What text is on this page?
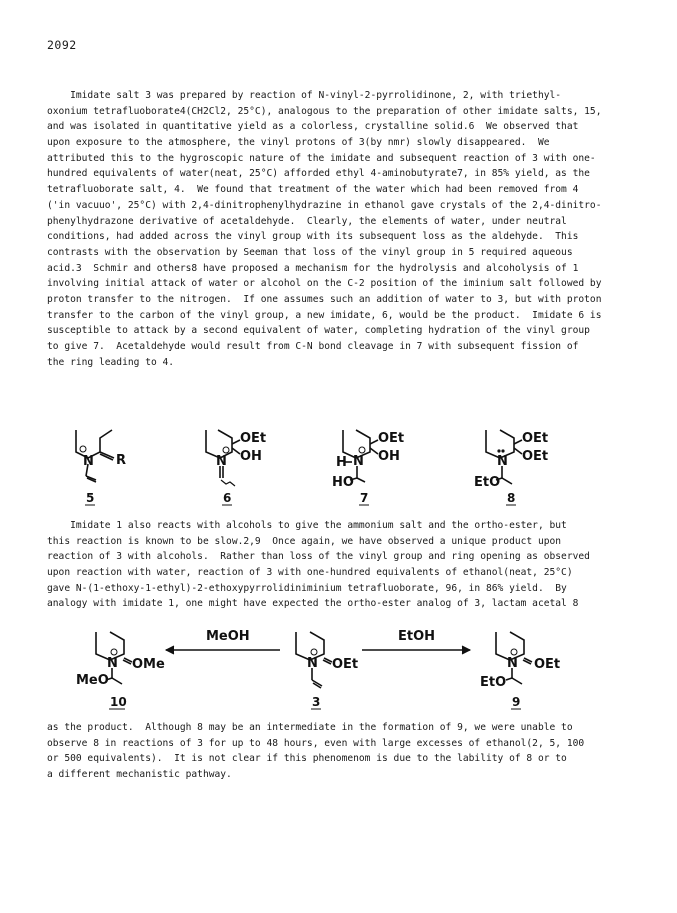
2092
Imidate salt 3 was prepared by reaction of N-vinyl-2-pyrrolidinone, 2, with triethyl-
oxonium tetrafluoborate4(CH2Cl2, 25°C), analogous to the preparation of other imidate salts, 15,
and was isolated in quantitative yield as a colorless, crystalline solid.6  We observed that
upon exposure to the atmosphere, the vinyl protons of 3(by nmr) slowly disappeared.  We
attributed this to the hygroscopic nature of the imidate and subsequent reaction of 3 with one-
hundred equivalents of water(neat, 25°C) afforded ethyl 4-aminobutyrate7, in 85% yield, as the
tetrafluoborate salt, 4.  We found that treatment of the water which had been removed from 4
('in vacuuo', 25°C) with 2,4-dinitrophenylhydrazine in ethanol gave crystals of the 2,4-dinitro-
phenylhydrazone derivative of acetaldehyde.  Clearly, the elements of water, under neutral
conditions, had added across the vinyl group with its subsequent loss as the aldehyde.  This
contrasts with the observation by Seeman that loss of the vinyl group in 5 required aqueous
acid.3  Schmir and others8 have proposed a mechanism for the hydrolysis and alcoholysis of 1
involving initial attack of water or alcohol on the C-2 position of the iminium salt followed by
proton transfer to the nitrogen.  If one assumes such an addition of water to 3, but with proton
transfer to the carbon of the vinyl group, a new imidate, 6, would be the product.  Imidate 6 is
susceptible to attack by a second equivalent of water, completing hydration of the vinyl group
to give 7.  Acetaldehyde would result from C-N bond cleavage in 7 with subsequent fission of
the ring leading to 4.
N R
5
N
OEt
OH
6
N
H
OEt
OH
HO
7
N
OEt
OEt
EtO
8
Imidate 1 also reacts with alcohols to give the ammonium salt and the ortho-ester, but
this reaction is known to be slow.2,9  Once again, we have observed a unique product upon
reaction of 3 with alcohols.  Rather than loss of the vinyl group and ring opening as observed
upon reaction with water, reaction of 3 with one-hundred equivalents of ethanol(neat, 25°C)
gave N-(1-ethoxy-1-ethyl)-2-ethoxypyrrolidiniminium tetrafluoborate, 96, in 86% yield.  By
analogy with imidate 1, one might have expected the ortho-ester analog of 3, lactam acetal 8
MeOH	EtOH
N OMe
MeO
10
N OEt
3
N OEt
EtO
9
as the product.  Although 8 may be an intermediate in the formation of 9, we were unable to
observe 8 in reactions of 3 for up to 48 hours, even with large excesses of ethanol(2, 5, 100
or 500 equivalents).  It is not clear if this phenomenom is due to the lability of 8 or to
a different mechanistic pathway.
